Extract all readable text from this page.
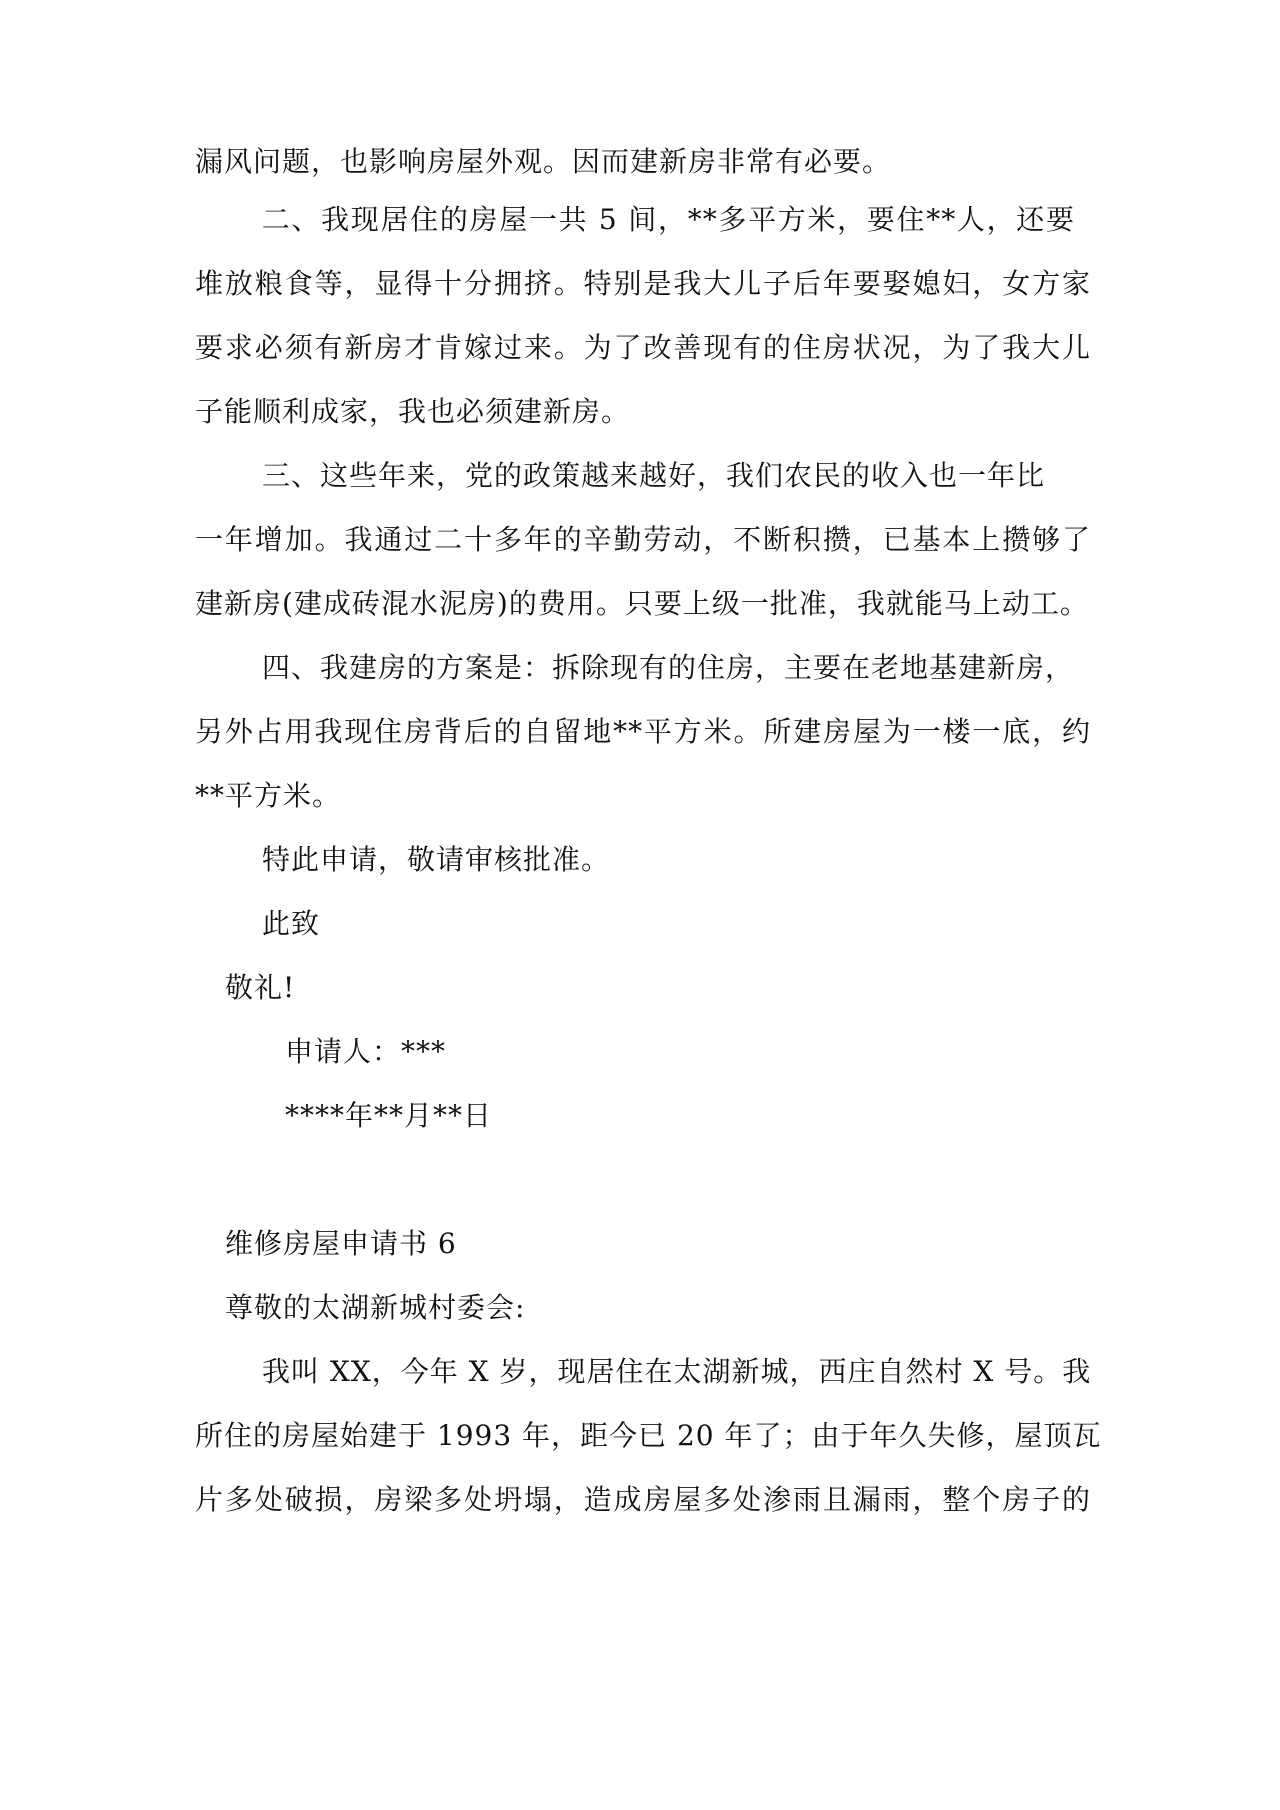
漏风问题，也影响房屋外观。因而建新房非常有必要。
二、我现居住的房屋一共 5 间，**多平方米，要住**人，还要
堆放粮食等，显得十分拥挤。特别是我大儿子后年要娶媳妇，女方家
要求必须有新房才肯嫁过来。为了改善现有的住房状况，为了我大儿
子能顺利成家，我也必须建新房。
三、这些年来，党的政策越来越好，我们农民的收入也一年比
一年增加。我通过二十多年的辛勤劳动，不断积攒，已基本上攒够了
建新房(建成砖混水泥房)的费用。只要上级一批准，我就能马上动工。
四、我建房的方案是：拆除现有的住房，主要在老地基建新房，
另外占用我现住房背后的自留地**平方米。所建房屋为一楼一底，约
**平方米。
特此申请，敬请审核批准。
此致
敬礼!
申请人：***
****年**月**日
维修房屋申请书 6
尊敬的太湖新城村委会:
我叫 XX，今年 X 岁，现居住在太湖新城，西庄自然村 X 号。我
所住的房屋始建于 1993 年，距今已 20 年了；由于年久失修，屋顶瓦
片多处破损，房梁多处坍塌，造成房屋多处渗雨且漏雨，整个房子的
